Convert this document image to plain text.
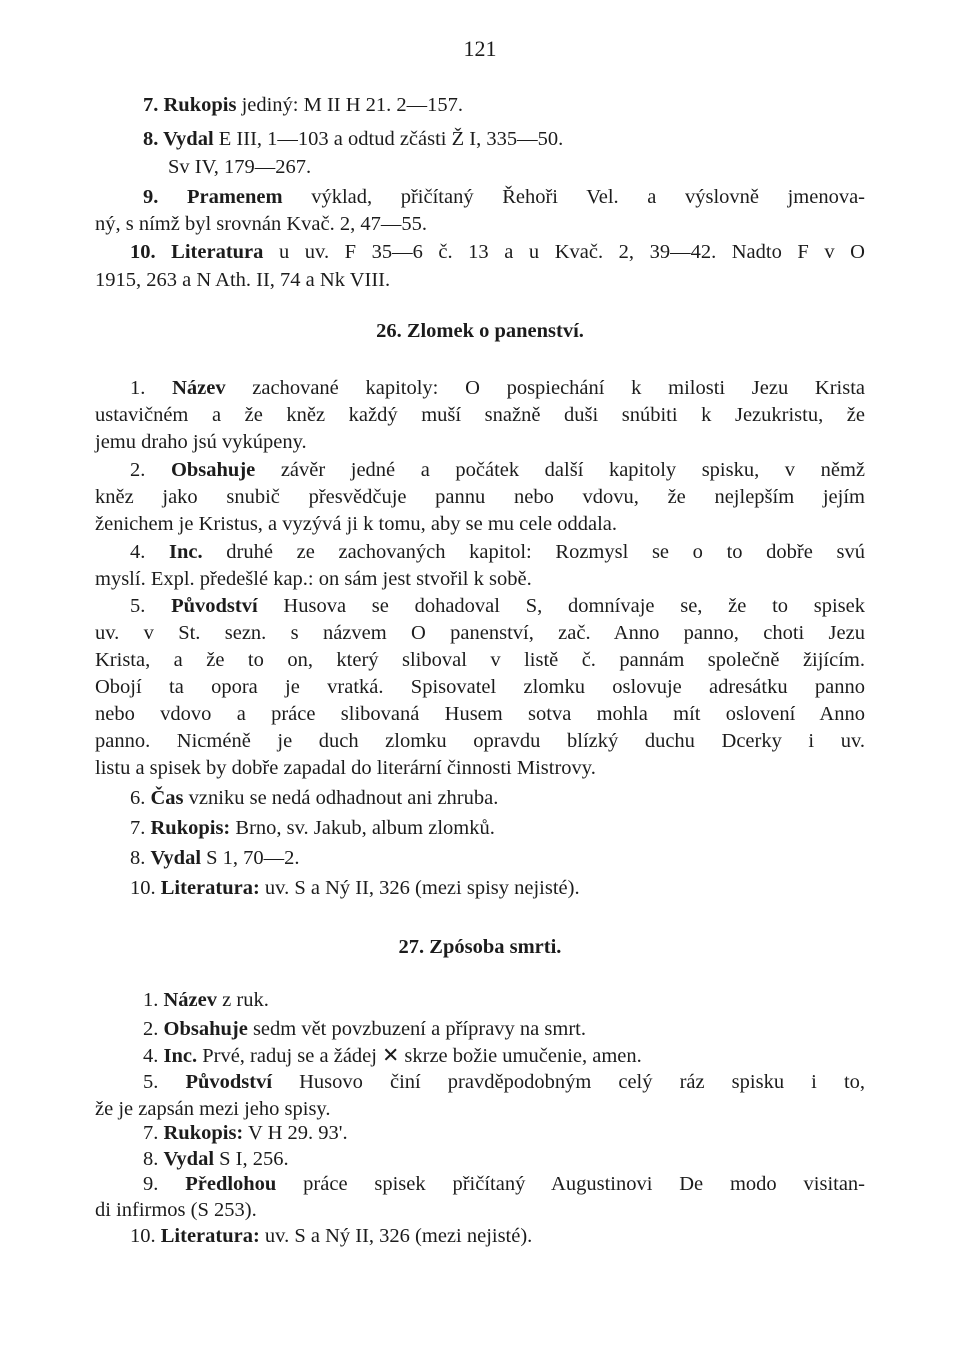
121
7. Rukopis jediný: M II H 21. 2—157.
8. Vydal E III, 1—103 a odtud zčásti Ž I, 335—50.
Sv IV, 179—267.
9. Pramenem výklad, přičítaný Řehoři Vel. a výslovně jmenova-
ný, s nímž byl srovnán Kvač. 2, 47—55.
10. Literatura u uv. F 35—6 č. 13 a u Kvač. 2, 39—42. Nadto F v O
1915, 263 a N Ath. II, 74 a Nk VIII.
1. Název zachované kapitoly: O pospiechání k milosti Jezu Krista
ustavičném a že kněz každý muší snažně duši snúbiti k Jezukristu, že
jemu draho jsú vykúpeny.
2. Obsahuje závěr jedné a počátek další kapitoly spisku, v němž
kněz jako snubič přesvědčuje pannu nebo vdovu, že nejlepším jejím
ženichem je Kristus, a vyzývá ji k tomu, aby se mu cele oddala.
4. Inc. druhé ze zachovaných kapitol: Rozmysl se o to dobře svú
myslí. Expl. předešlé kap.: on sám jest stvořil k sobě.
5. Původství Husova se dohadoval S, domnívaje se, že to spisek
uv. v St. sezn. s názvem O panenství, zač. Anno panno, choti Jezu
Krista, a že to on, který sliboval v listě č. pannám společně žijícím.
Obojí ta opora je vratká. Spisovatel zlomku oslovuje adresátku panno
nebo vdovo a práce slibovaná Husem sotva mohla mít oslovení Anno
panno. Nicméně je duch zlomku opravdu blízký duchu Dcerky i uv.
listu a spisek by dobře zapadal do literární činnosti Mistrovy.
6. Čas vzniku se nedá odhadnout ani zhruba.
7. Rukopis: Brno, sv. Jakub, album zlomků.
8. Vydal S 1, 70—2.
10. Literatura: uv. S a Ný II, 326 (mezi spisy nejisté).
1. Název z ruk.
2. Obsahuje sedm vět povzbuzení a přípravy na smrt.
4. Inc. Prvé, raduj se a žádej ✕ skrze božie umučenie, amen.
5. Původství Husovo činí pravděpodobným celý ráz spisku i to,
že je zapsán mezi jeho spisy.
7. Rukopis: V H 29. 93'.
8. Vydal S I, 256.
9. Předlohou práce spisek přičítaný Augustinovi De modo visitan-
di infirmos (S 253).
10. Literatura: uv. S a Ný II, 326 (mezi nejisté).
26. Zlomek o panenství.
27. Zpósoba smrti.
